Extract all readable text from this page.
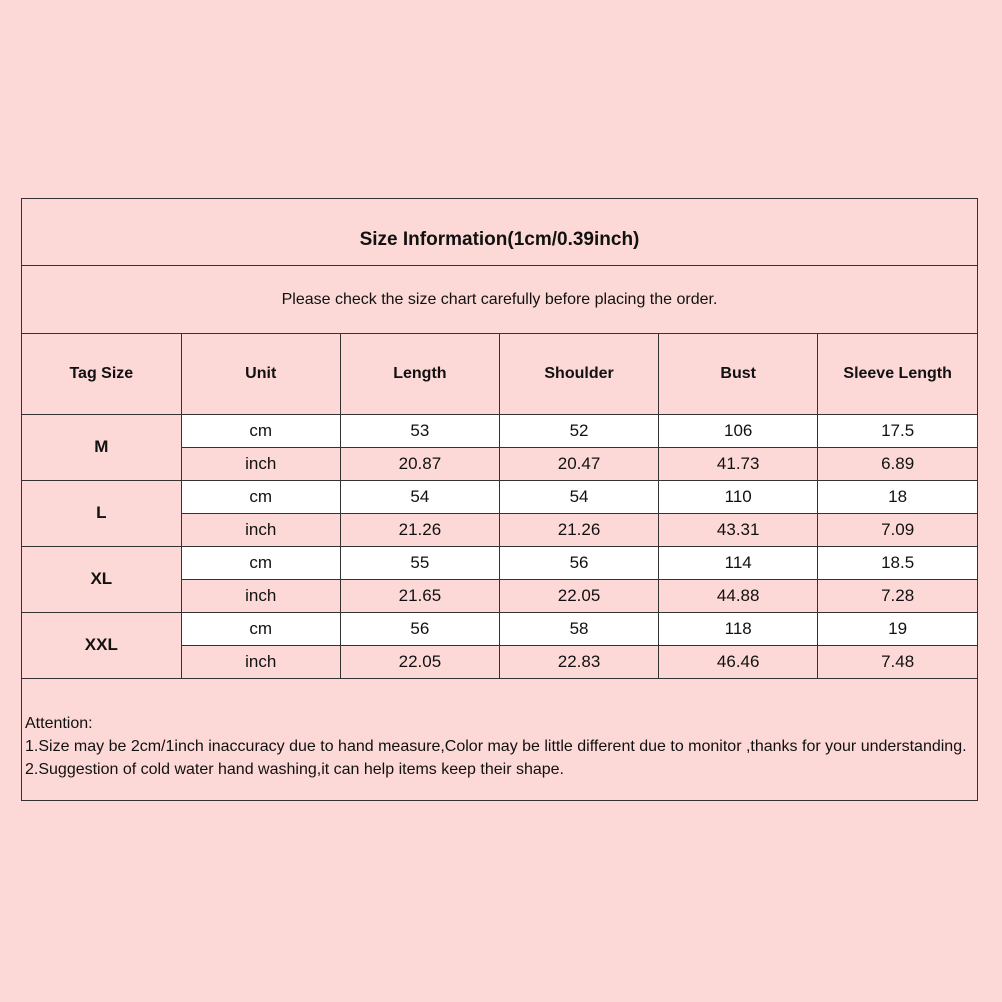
Size Information(1cm/0.39inch)
Please check the size chart carefully before placing the order.
Tag Size	Unit	Length	Shoulder	Bust	Sleeve Length
M	cm	53	52	106	17.5
	inch	20.87	20.47	41.73	6.89
L	cm	54	54	110	18
	inch	21.26	21.26	43.31	7.09
XL	cm	55	56	114	18.5
	inch	21.65	22.05	44.88	7.28
XXL	cm	56	58	118	19
	inch	22.05	22.83	46.46	7.48

Attention:

1.Size may be 2cm/1inch inaccuracy due to hand measure,Color may be little different due to monitor ,thanks for your understanding.

2.Suggestion of cold water hand washing,it can help items keep their shape.
